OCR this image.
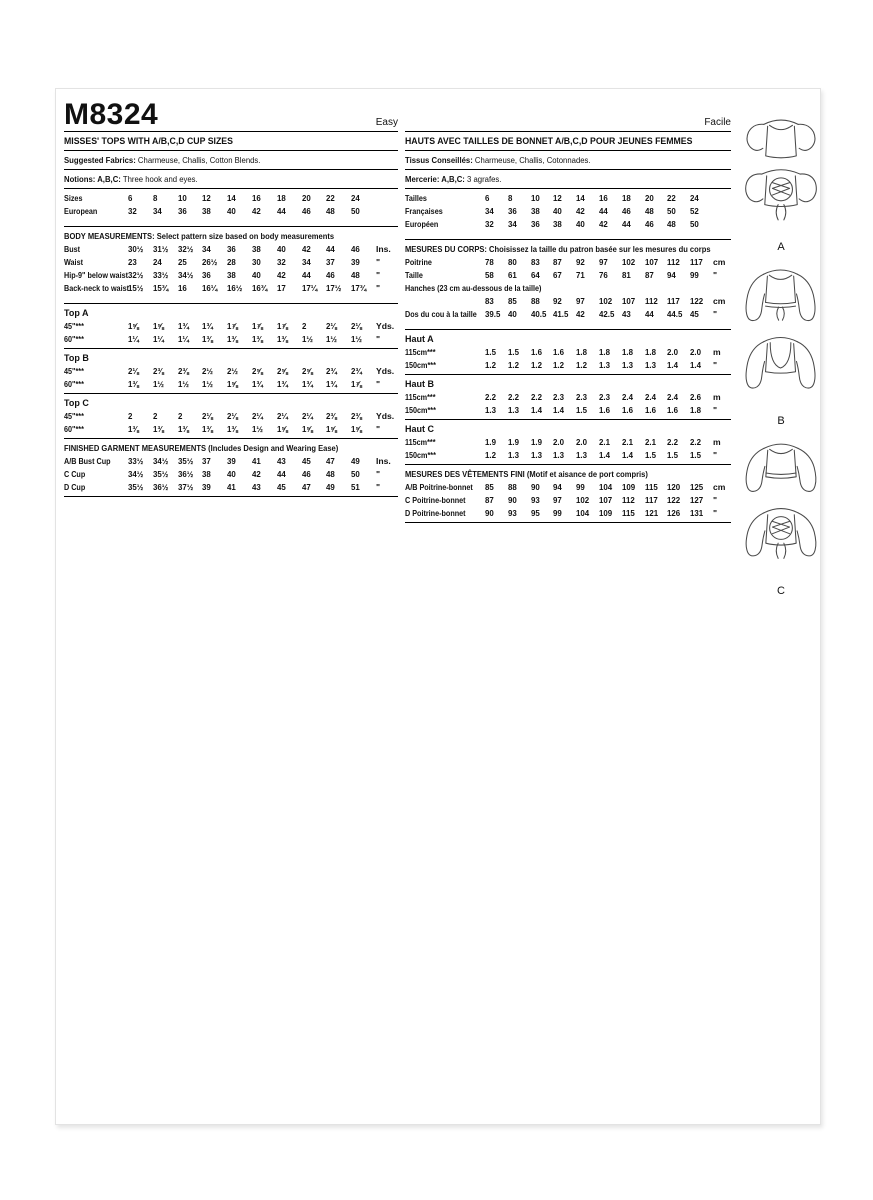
M8324	Easy
MISSES' TOPS WITH A/B,C,D CUP SIZES
Suggested Fabrics: Charmeuse, Challis, Cotton Blends.
Notions: A,B,C: Three hook and eyes.
Sizes	6	8	10	12	14	16	18	20	22	24
European	32	34	36	38	40	42	44	46	48	50
BODY MEASUREMENTS: Select pattern size based on body measurements
Bust	30½	31½	32½	34	36	38	40	42	44	46	Ins.
Waist	23	24	25	26½	28	30	32	34	37	39	"
Hip-9" below waist 32½	33½	34½	36	38	40	42	44	46	48	"
Back-neck to waist 15½	15¾	16	16¼	16½	16¾	17	17¼	17½	17¾	"
Top A
45"***	1⅝	1⅝	1¾	1¾	1⅞	1⅞	1⅞	2	2⅛	2⅛	Yds.
60"***	1¼	1¼	1¼	1⅜	1⅜	1⅜	1⅜	1½	1½	1½	"
Top B
45"***	2⅛	2⅜	2⅜	2½	2½	2⅝	2⅝	2⅝	2¾	2¾	Yds.
60"***	1⅜	1½	1½	1½	1⅝	1¾	1¾	1¾	1¾	1⅞	"
Top C
45"***	2	2	2	2⅛	2⅛	2¼	2¼	2¼	2⅜	2⅜	Yds.
60"***	1⅜	1⅜	1⅜	1⅜	1⅜	1½	1⅝	1⅝	1⅝	1⅝	"
FINISHED GARMENT MEASUREMENTS (Includes Design and Wearing Ease)
A/B Bust Cup	33½	34½	35½	37	39	41	43	45	47	49	Ins.
C Cup	34½	35½	36½	38	40	42	44	46	48	50	"
D Cup	35½	36½	37½	39	41	43	45	47	49	51	"
Facile
HAUTS AVEC TAILLES DE BONNET A/B,C,D POUR JEUNES FEMMES
Tissus Conseillés: Charmeuse, Challis, Cotonnades.
Mercerie: A,B,C: 3 agrafes.
Tailles	6	8	10	12	14	16	18	20	22	24
Françaises	34	36	38	40	42	44	46	48	50	52
Européen	32	34	36	38	40	42	44	46	48	50
MESURES DU CORPS: Choisissez la taille du patron basée sur les mesures du corps
Poitrine	78	80	83	87	92	97	102	107	112	117	cm
Taille	58	61	64	67	71	76	81	87	94	99	"
Hanches (23 cm au-dessous de la taille)
83	85	88	92	97	102	107	112	117	122	cm
Dos du cou à la taille 39.5 40	40.5 41.5 42	42.5 43	44	44.5 45	"
Haut A
115cm***	1.5	1.5	1.6	1.6	1.8	1.8	1.8	1.8	2.0	2.0	m
150cm***	1.2	1.2	1.2	1.2	1.2	1.3	1.3	1.3	1.4	1.4	"
Haut B
115cm***	2.2	2.2	2.2	2.3	2.3	2.3	2.4	2.4	2.4	2.6	m
150cm***	1.3	1.3	1.4	1.4	1.5	1.6	1.6	1.6	1.6	1.8	"
Haut C
115cm***	1.9	1.9	1.9	2.0	2.0	2.1	2.1	2.1	2.2	2.2	m
150cm***	1.2	1.3	1.3	1.3	1.3	1.4	1.4	1.5	1.5	1.5	"
MESURES DES VÊTEMENTS FINI (Motif et aisance de port compris)
A/B Poitrine-bonnet 85	88	90	94	99	104	109	115	120	125	cm
C Poitrine-bonnet	87	90	93	97	102	107	112	117	122	127	"
D Poitrine-bonnet	90	93	95	99	104	109	115	121	126	131	"
A
B
C
